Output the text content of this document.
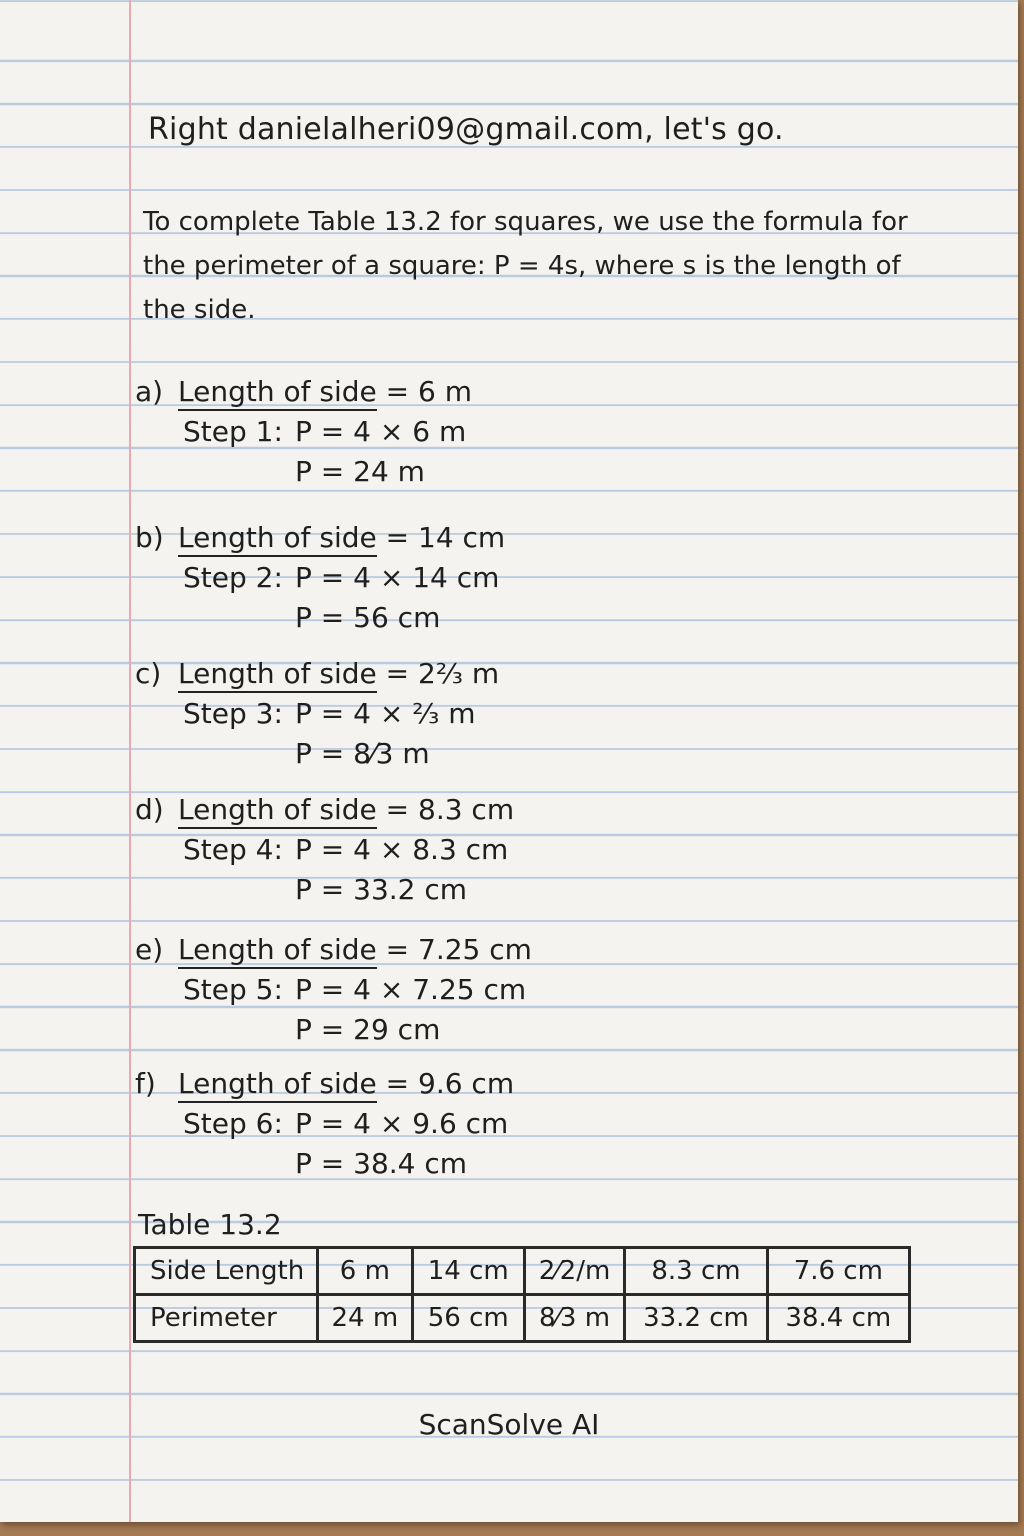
Right danielalheri09@gmail.com, let's go.
To complete Table 13.2 for squares, we use the formula for the perimeter of a square: P = 4s, where s is the length of the side.
a) Length of side = 6 m
Step 1: P = 4 × 6 m
P = 24 m
b) Length of side = 14 cm
Step 2: P = 4 × 14 cm
P = 56 cm
c) Length of side = 2⅔ m
Step 3: P = 4 × ⅔ m
P = 8⁄3 m
d) Length of side = 8.3 cm
Step 4: P = 4 × 8.3 cm
P = 33.2 cm
e) Length of side = 7.25 cm
Step 5: P = 4 × 7.25 cm
P = 29 cm
f) Length of side = 9.6 cm
Step 6: P = 4 × 9.6 cm
P = 38.4 cm
Table 13.2
Side Length	6 m	14 cm	2⁄2/m	8.3 cm	7.6 cm
Perimeter	24 m	56 cm	8⁄3 m	33.2 cm	38.4 cm
ScanSolve AI
